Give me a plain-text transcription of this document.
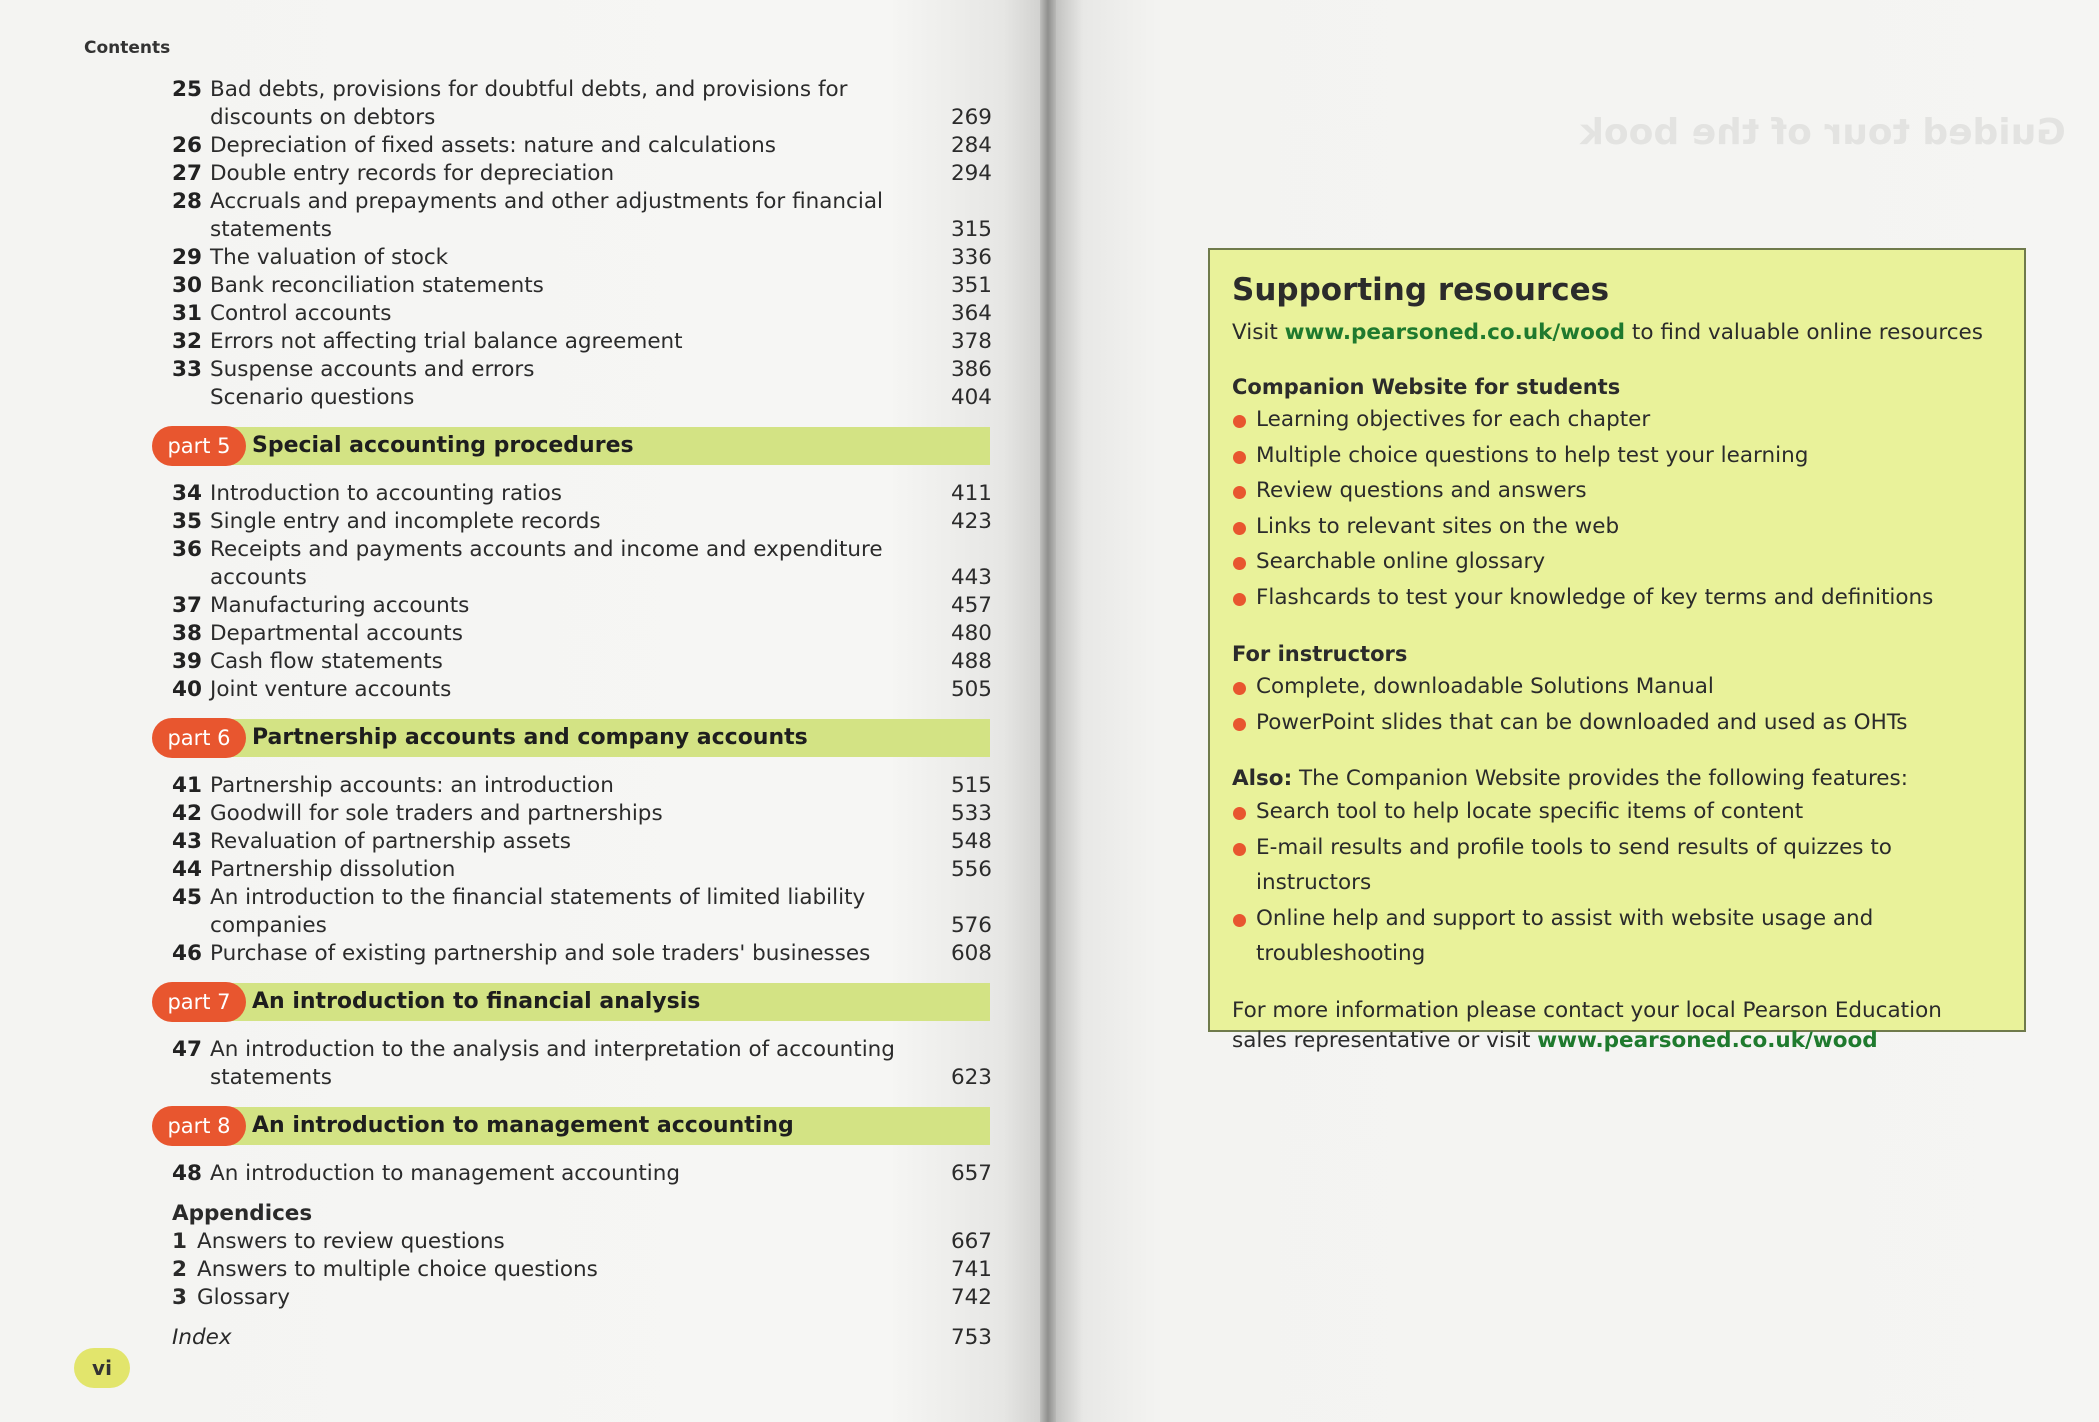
Contents
25 Bad debts, provisions for doubtful debts, and provisions for discounts on debtors	269
26 Depreciation of fixed assets: nature and calculations	284
27 Double entry records for depreciation	294
28 Accruals and prepayments and other adjustments for financial statements	315
29 The valuation of stock	336
30 Bank reconciliation statements	351
31 Control accounts	364
32 Errors not affecting trial balance agreement	378
33 Suspense accounts and errors	386
Scenario questions	404
part 5 Special accounting procedures
34 Introduction to accounting ratios	411
35 Single entry and incomplete records	423
36 Receipts and payments accounts and income and expenditure accounts	443
37 Manufacturing accounts	457
38 Departmental accounts	480
39 Cash flow statements	488
40 Joint venture accounts	505
part 6 Partnership accounts and company accounts
41 Partnership accounts: an introduction	515
42 Goodwill for sole traders and partnerships	533
43 Revaluation of partnership assets	548
44 Partnership dissolution	556
45 An introduction to the financial statements of limited liability companies	576
46 Purchase of existing partnership and sole traders' businesses	608
part 7 An introduction to financial analysis
47 An introduction to the analysis and interpretation of accounting statements	623
part 8 An introduction to management accounting
48 An introduction to management accounting	657
Appendices
1 Answers to review questions	667
2 Answers to multiple choice questions	741
3 Glossary	742
Index	753
vi
Guided tour of the book
Supporting resources
Visit www.pearsoned.co.uk/wood to find valuable online resources
Companion Website for students
Learning objectives for each chapter
Multiple choice questions to help test your learning
Review questions and answers
Links to relevant sites on the web
Searchable online glossary
Flashcards to test your knowledge of key terms and definitions
For instructors
Complete, downloadable Solutions Manual
PowerPoint slides that can be downloaded and used as OHTs
Also: The Companion Website provides the following features:
Search tool to help locate specific items of content
E-mail results and profile tools to send results of quizzes to instructors
Online help and support to assist with website usage and troubleshooting
For more information please contact your local Pearson Education sales representative or visit www.pearsoned.co.uk/wood
